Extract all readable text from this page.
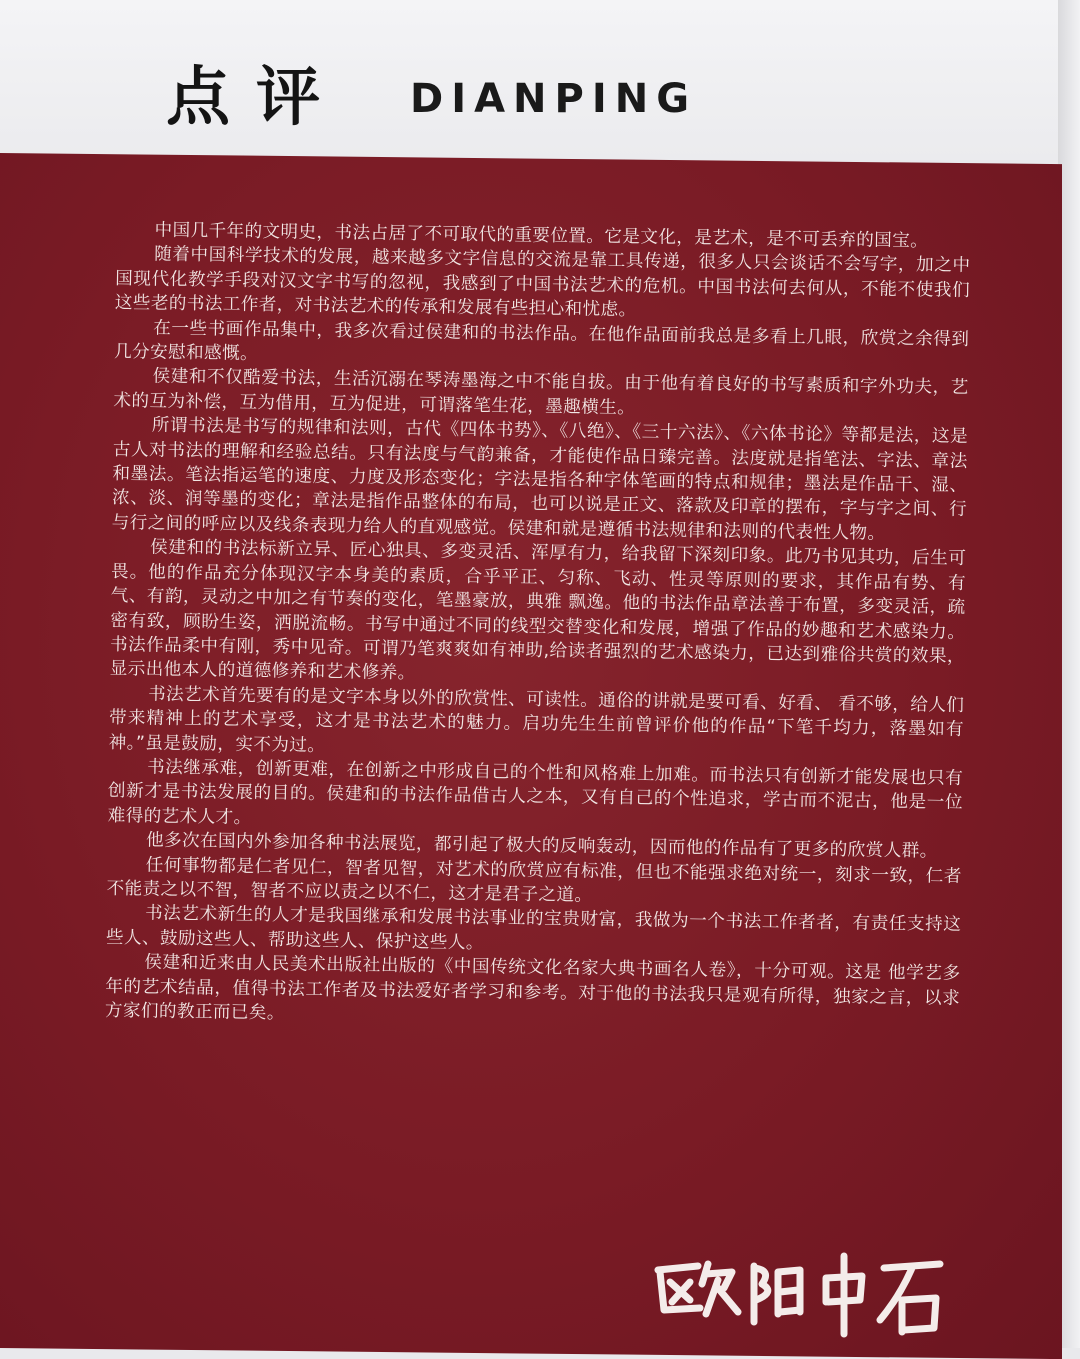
点评 DIANPING

中国几千年的文明史，书法占居了不可取代的重要位置。它是文化，是艺术，是不可丢弃的国宝。

随着中国科学技术的发展，越来越多文字信息的交流是靠工具传递，很多人只会谈话不会写字，加之中国现代化教学手段对汉文字书写的忽视，我感到了中国书法艺术的危机。中国书法何去何从，不能不使我们这些老的书法工作者，对书法艺术的传承和发展有些担心和忧虑。

在一些书画作品集中，我多次看过侯建和的书法作品。在他作品面前我总是多看上几眼，欣赏之余得到几分安慰和感慨。

侯建和不仅酷爱书法，生活沉溺在琴涛墨海之中不能自拔。由于他有着良好的书写素质和字外功夫，艺术的互为补偿，互为借用，互为促进，可谓落笔生花，墨趣横生。

所谓书法是书写的规律和法则，古代《四体书势》、《八绝》、《三十六法》、《六体书论》等都是法，这是古人对书法的理解和经验总结。只有法度与气韵兼备，才能使作品日臻完善。法度就是指笔法、字法、章法和墨法。笔法指运笔的速度、力度及形态变化；字法是指各种字体笔画的特点和规律；墨法是作品干、湿、浓、淡、润等墨的变化；章法是指作品整体的布局，也可以说是正文、落款及印章的摆布，字与字之间、行与行之间的呼应以及线条表现力给人的直观感觉。侯建和就是遵循书法规律和法则的代表性人物。

侯建和的书法标新立异、匠心独具、多变灵活、浑厚有力，给我留下深刻印象。此乃书见其功，后生可畏。他的作品充分体现汉字本身美的素质，合乎平正、匀称、飞动、性灵等原则的要求，其作品有势、有气、有韵，灵动之中加之有节奏的变化，笔墨豪放，典雅 飘逸。他的书法作品章法善于布置，多变灵活，疏密有致，顾盼生姿，洒脱流畅。书写中通过不同的线型交替变化和发展，增强了作品的妙趣和艺术感染力。书法作品柔中有刚，秀中见奇。可谓乃笔爽爽如有神助,给读者强烈的艺术感染力，已达到雅俗共赏的效果，显示出他本人的道德修养和艺术修养。

书法艺术首先要有的是文字本身以外的欣赏性、可读性。通俗的讲就是要可看、好看、 看不够，给人们带来精神上的艺术享受，这才是书法艺术的魅力。启功先生生前曾评价他的作品“下笔千均力，落墨如有神。”虽是鼓励，实不为过。

书法继承难，创新更难，在创新之中形成自己的个性和风格难上加难。而书法只有创新才能发展也只有创新才是书法发展的目的。侯建和的书法作品借古人之本，又有自己的个性追求，学古而不泥古，他是一位难得的艺术人才。

他多次在国内外参加各种书法展览，都引起了极大的反响轰动，因而他的作品有了更多的欣赏人群。

任何事物都是仁者见仁，智者见智，对艺术的欣赏应有标准，但也不能强求绝对统一，刻求一致，仁者不能责之以不智，智者不应以责之以不仁，这才是君子之道。

书法艺术新生的人才是我国继承和发展书法事业的宝贵财富，我做为一个书法工作者者，有责任支持这些人、鼓励这些人、帮助这些人、保护这些人。

侯建和近来由人民美术出版社出版的《中国传统文化名家大典书画名人卷》，十分可观。这是 他学艺多年的艺术结晶，值得书法工作者及书法爱好者学习和参考。对于他的书法我只是观有所得，独家之言，以求方家们的教正而已矣。
